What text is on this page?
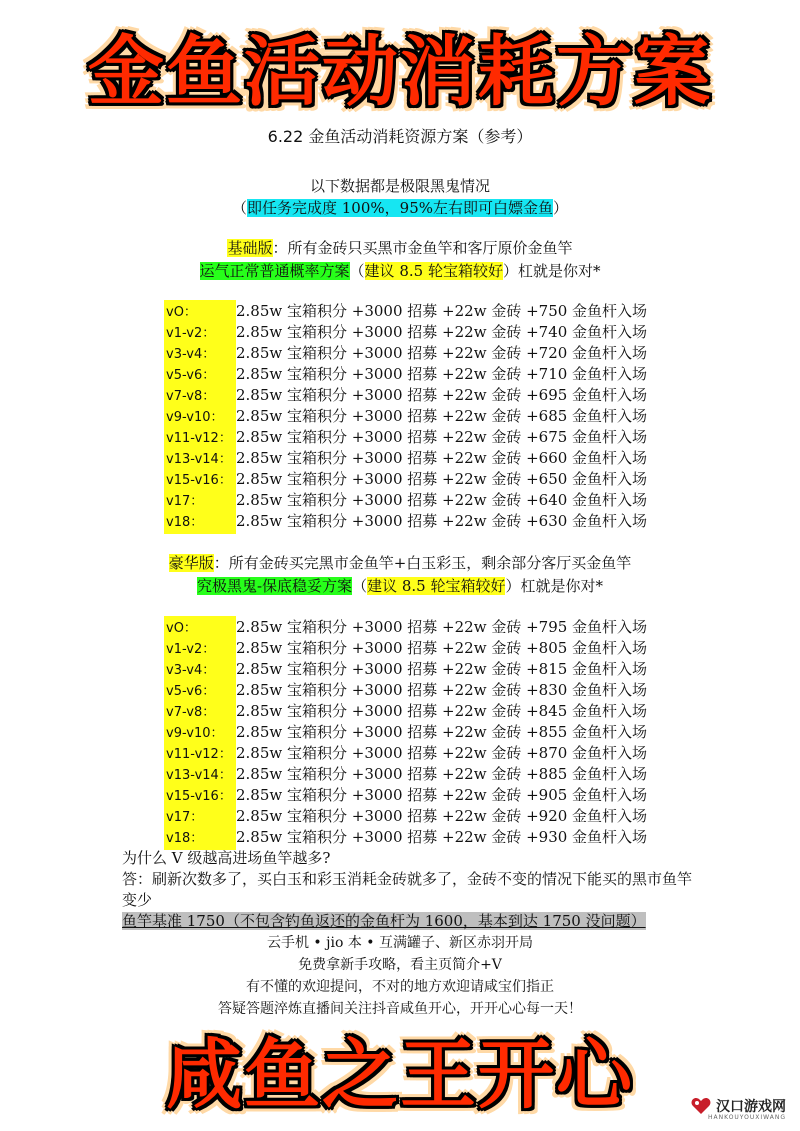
金鱼活动消耗方案
6.22 金鱼活动消耗资源方案（参考）
以下数据都是极限黑鬼情况
（即任务完成度 100%，95%左右即可白嫖金鱼）
基础版：所有金砖只买黑市金鱼竿和客厅原价金鱼竿
运气正常普通概率方案（建议 8.5 轮宝箱较好）杠就是你对*
vO：	2.85w 宝箱积分 +3000 招募 +22w 金砖 +750 金鱼杆入场
v1-v2： 2.85w 宝箱积分 +3000 招募 +22w 金砖 +740 金鱼杆入场
v3-v4： 2.85w 宝箱积分 +3000 招募 +22w 金砖 +720 金鱼杆入场
v5-v6： 2.85w 宝箱积分 +3000 招募 +22w 金砖 +710 金鱼杆入场
v7-v8： 2.85w 宝箱积分 +3000 招募 +22w 金砖 +695 金鱼杆入场
v9-v10： 2.85w 宝箱积分 +3000 招募 +22w 金砖 +685 金鱼杆入场
v11-v12： 2.85w 宝箱积分 +3000 招募 +22w 金砖 +675 金鱼杆入场
v13-v14： 2.85w 宝箱积分 +3000 招募 +22w 金砖 +660 金鱼杆入场
v15-v16： 2.85w 宝箱积分 +3000 招募 +22w 金砖 +650 金鱼杆入场
v17： 2.85w 宝箱积分 +3000 招募 +22w 金砖 +640 金鱼杆入场
v18： 2.85w 宝箱积分 +3000 招募 +22w 金砖 +630 金鱼杆入场
豪华版：所有金砖买完黑市金鱼竿+白玉彩玉，剩余部分客厅买金鱼竿
究极黑鬼-保底稳妥方案（建议 8.5 轮宝箱较好）杠就是你对*
vO：	2.85w 宝箱积分 +3000 招募 +22w 金砖 +795 金鱼杆入场
v1-v2： 2.85w 宝箱积分 +3000 招募 +22w 金砖 +805 金鱼杆入场
v3-v4： 2.85w 宝箱积分 +3000 招募 +22w 金砖 +815 金鱼杆入场
v5-v6： 2.85w 宝箱积分 +3000 招募 +22w 金砖 +830 金鱼杆入场
v7-v8： 2.85w 宝箱积分 +3000 招募 +22w 金砖 +845 金鱼杆入场
v9-v10： 2.85w 宝箱积分 +3000 招募 +22w 金砖 +855 金鱼杆入场
v11-v12： 2.85w 宝箱积分 +3000 招募 +22w 金砖 +870 金鱼杆入场
v13-v14： 2.85w 宝箱积分 +3000 招募 +22w 金砖 +885 金鱼杆入场
v15-v16： 2.85w 宝箱积分 +3000 招募 +22w 金砖 +905 金鱼杆入场
v17： 2.85w 宝箱积分 +3000 招募 +22w 金砖 +920 金鱼杆入场
v18： 2.85w 宝箱积分 +3000 招募 +22w 金砖 +930 金鱼杆入场
为什么 V 级越高进场鱼竿越多?
答：刷新次数多了，买白玉和彩玉消耗金砖就多了，金砖不变的情况下能买的黑市鱼竿变少
鱼竿基准 1750（不包含钓鱼返还的金鱼杆为 1600，基本到达 1750 没问题）
云手机 • jio 本 • 互满罐子、新区赤羽开局
免费拿新手攻略，看主页简介+V
有不懂的欢迎提问，不对的地方欢迎请咸宝们指正
答疑答题淬炼直播间关注抖音咸鱼开心，开开心心每一天！
咸鱼之王开心	汉口游戏网
HANKOUYOUXIWANG
